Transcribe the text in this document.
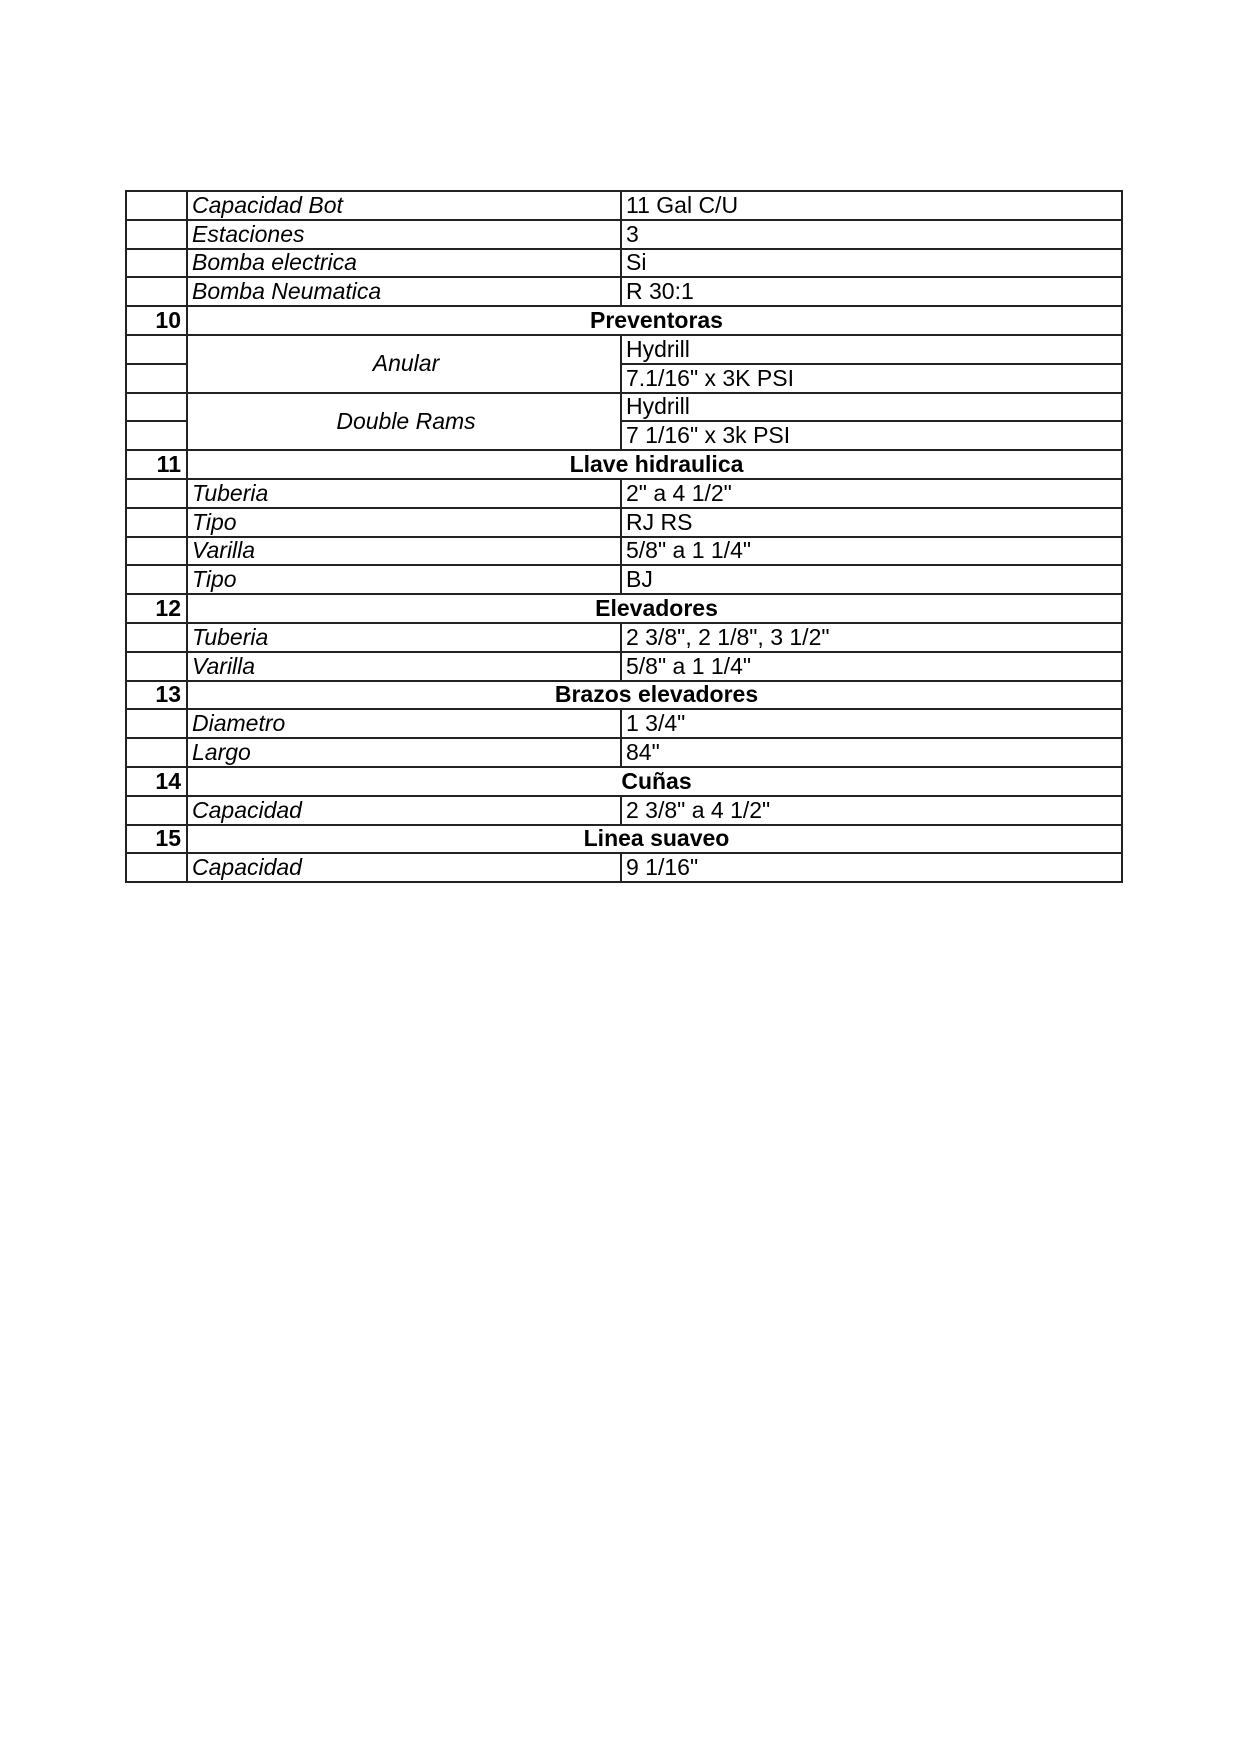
	Capacidad Bot	11 Gal C/U
	Estaciones	3
	Bomba electrica	Si
	Bomba Neumatica	R 30:1
10	Preventoras	
	Anular	Hydrill
		7.1/16" x 3K PSI
	Double Rams	Hydrill
		7 1/16" x 3k PSI
11	Llave hidraulica	
	Tuberia	2" a 4 1/2"
	Tipo	RJ RS
	Varilla	5/8" a 1 1/4"
	Tipo	BJ
12	Elevadores	
	Tuberia	2 3/8", 2 1/8", 3 1/2"
	Varilla	5/8" a 1 1/4"
13	Brazos elevadores	
	Diametro	1 3/4"
	Largo	84"
14	Cuñas	
	Capacidad	2 3/8" a 4 1/2"
15	Linea suaveo	
	Capacidad	9 1/16"
